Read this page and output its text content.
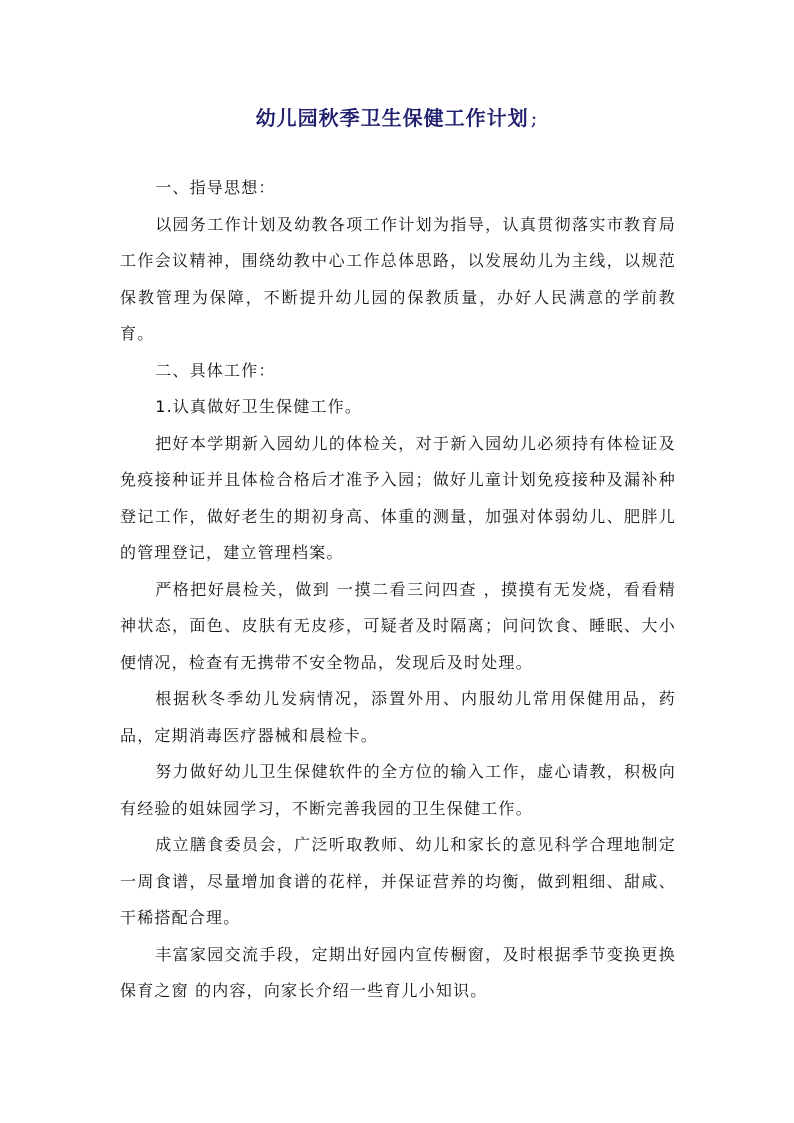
幼儿园秋季卫生保健工作计划 ;

一、指导思想：

以园务工作计划及幼教各项工作计划为指导，认真贯彻落实市教育局工作会议精神，围绕幼教中心工作总体思路，以发展幼儿为主线，以规范保教管理为保障，不断提升幼儿园的保教质量，办好人民满意的学前教育。

二、具体工作：

1.认真做好卫生保健工作。

把好本学期新入园幼儿的体检关，对于新入园幼儿必须持有体检证及免疫接种证并且体检合格后才准予入园；做好儿童计划免疫接种及漏补种登记工作，做好老生的期初身高、体重的测量，加强对体弱幼儿、肥胖儿的管理登记，建立管理档案。

严格把好晨检关，做到 一摸二看三问四查 ，摸摸有无发烧，看看精神状态，面色、皮肤有无皮疹，可疑者及时隔离；问问饮食、睡眠、大小便情况，检查有无携带不安全物品，发现后及时处理。

根据秋冬季幼儿发病情况，添置外用、内服幼儿常用保健用品，药品，定期消毒医疗器械和晨检卡。

努力做好幼儿卫生保健软件的全方位的输入工作，虚心请教，积极向有经验的姐妹园学习，不断完善我园的卫生保健工作。

成立膳食委员会，广泛听取教师、幼儿和家长的意见科学合理地制定一周食谱，尽量增加食谱的花样，并保证营养的均衡，做到粗细、甜咸、干稀搭配合理。

丰富家园交流手段，定期出好园内宣传橱窗，及时根据季节变换更换 保育之窗 的内容，向家长介绍一些育儿小知识。
